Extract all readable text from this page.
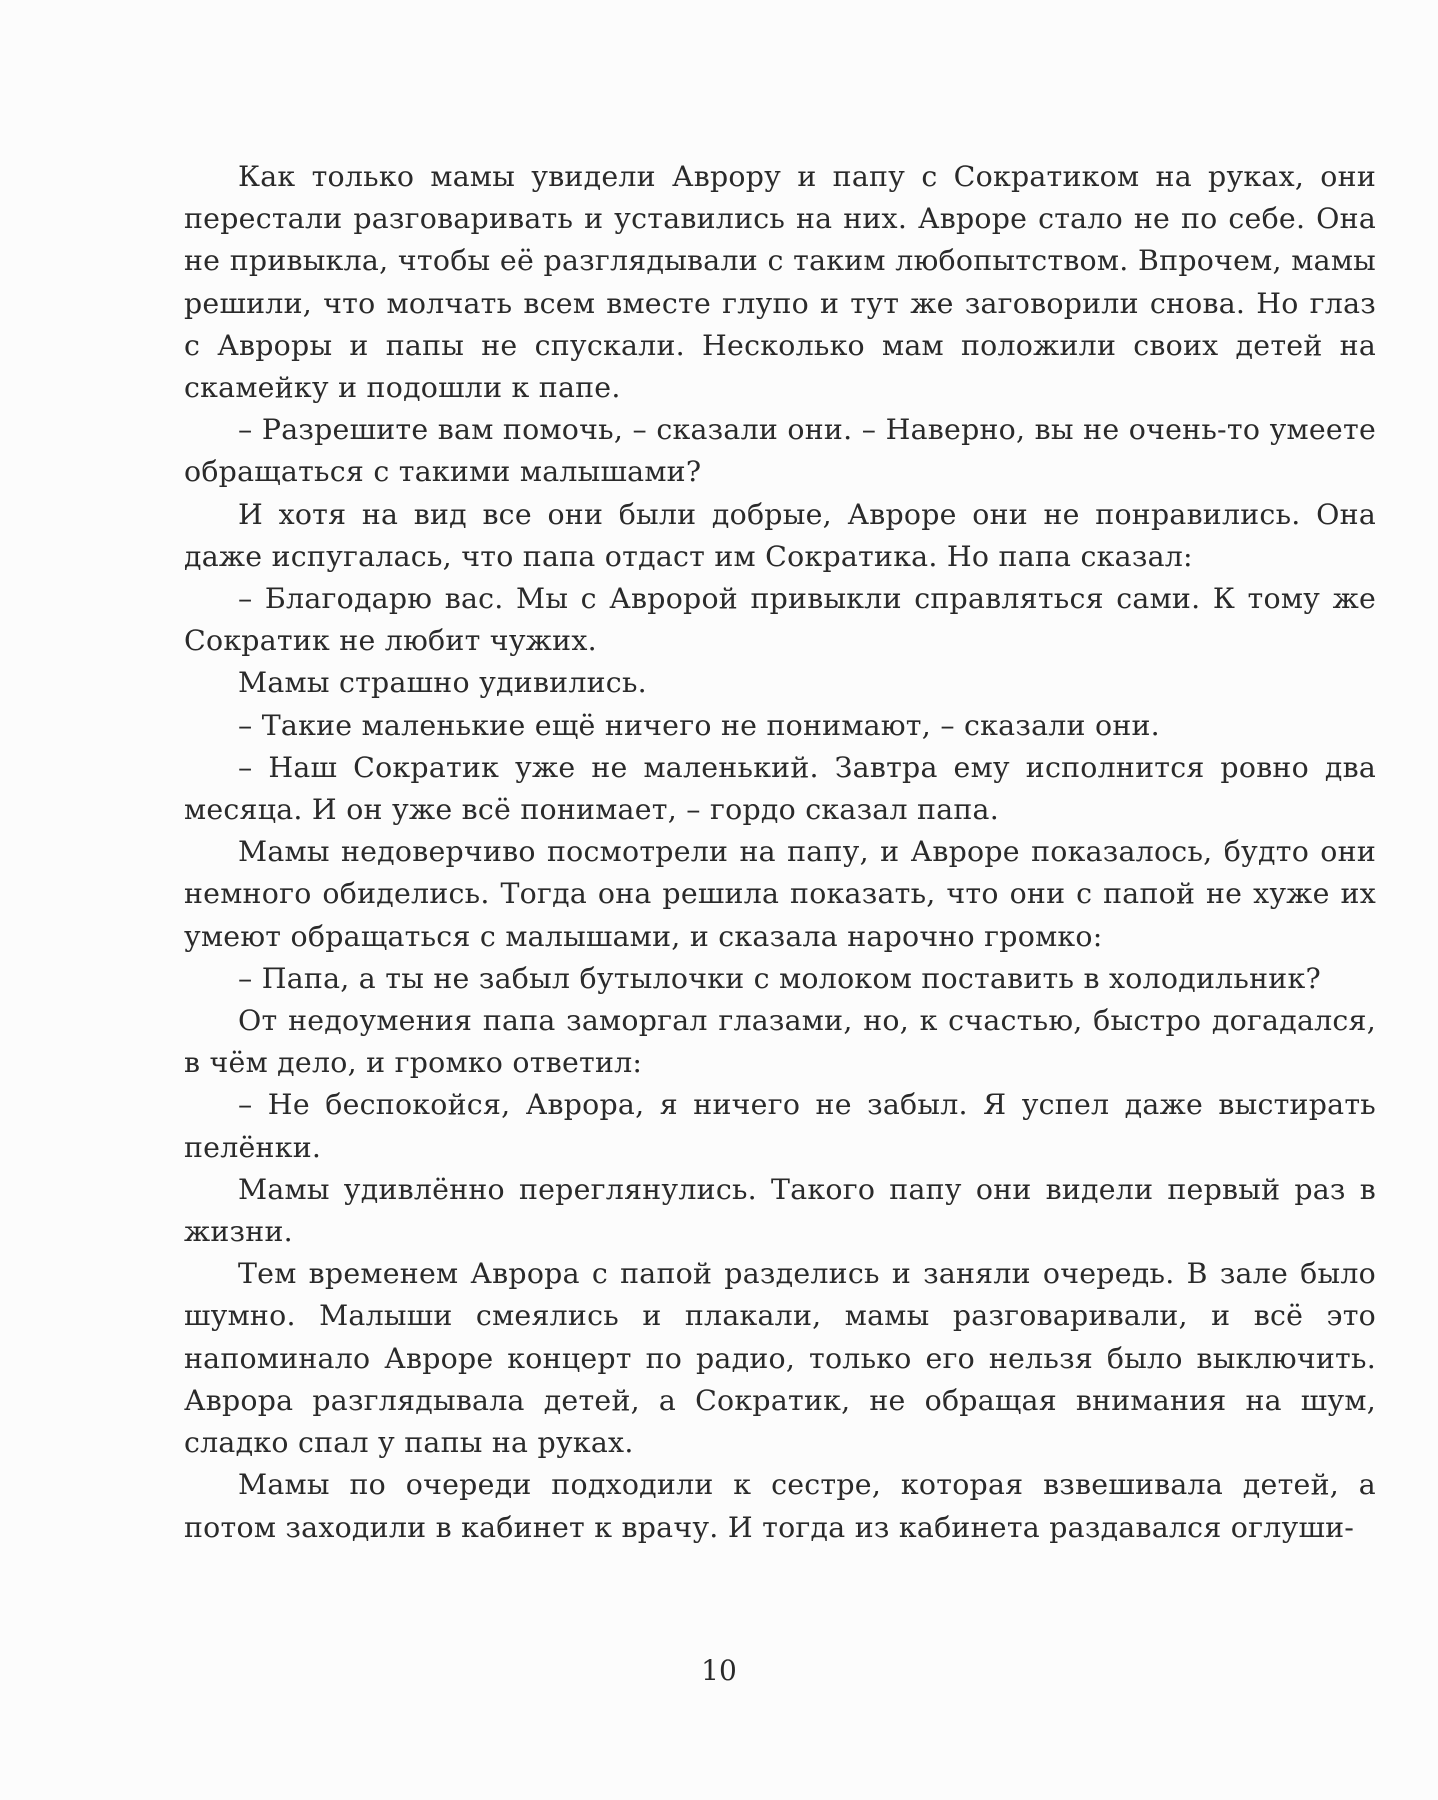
Как только мамы увидели Аврору и папу с Сократиком на руках, они перестали разговаривать и уставились на них. Авроре стало не по себе. Она не привыкла, чтобы её разглядывали с таким любопытством. Впрочем, мамы решили, что молчать всем вместе глупо и тут же заговорили снова. Но глаз с Авроры и папы не спускали. Несколько мам положили своих детей на скамейку и подошли к папе.

– Разрешите вам помочь, – сказали они. – Наверно, вы не очень-то умеете обращаться с такими малышами?

И хотя на вид все они были добрые, Авроре они не понравились. Она даже испугалась, что папа отдаст им Сократика. Но папа сказал:

– Благодарю вас. Мы с Авророй привыкли справляться сами. К тому же Сократик не любит чужих.

Мамы страшно удивились.

– Такие маленькие ещё ничего не понимают, – сказали они.

– Наш Сократик уже не маленький. Завтра ему исполнится ровно два месяца. И он уже всё понимает, – гордо сказал папа.

Мамы недоверчиво посмотрели на папу, и Авроре показалось, будто они немного обиделись. Тогда она решила показать, что они с папой не хуже их умеют обращаться с малышами, и сказала нарочно громко:

– Папа, а ты не забыл бутылочки с молоком поставить в холодильник?

От недоумения папа заморгал глазами, но, к счастью, быстро догадался, в чём дело, и громко ответил:

– Не беспокойся, Аврора, я ничего не забыл. Я успел даже выстирать пелёнки.

Мамы удивлённо переглянулись. Такого папу они видели первый раз в жизни.

Тем временем Аврора с папой разделись и заняли очередь. В зале было шумно. Малыши смеялись и плакали, мамы разговаривали, и всё это напоминало Авроре концерт по радио, только его нельзя было выключить. Аврора разглядывала детей, а Сократик, не обращая внимания на шум, сладко спал у папы на руках.

Мамы по очереди подходили к сестре, которая взвешивала детей, а потом заходили в кабинет к врачу. И тогда из кабинета раздавался оглуши-

10
